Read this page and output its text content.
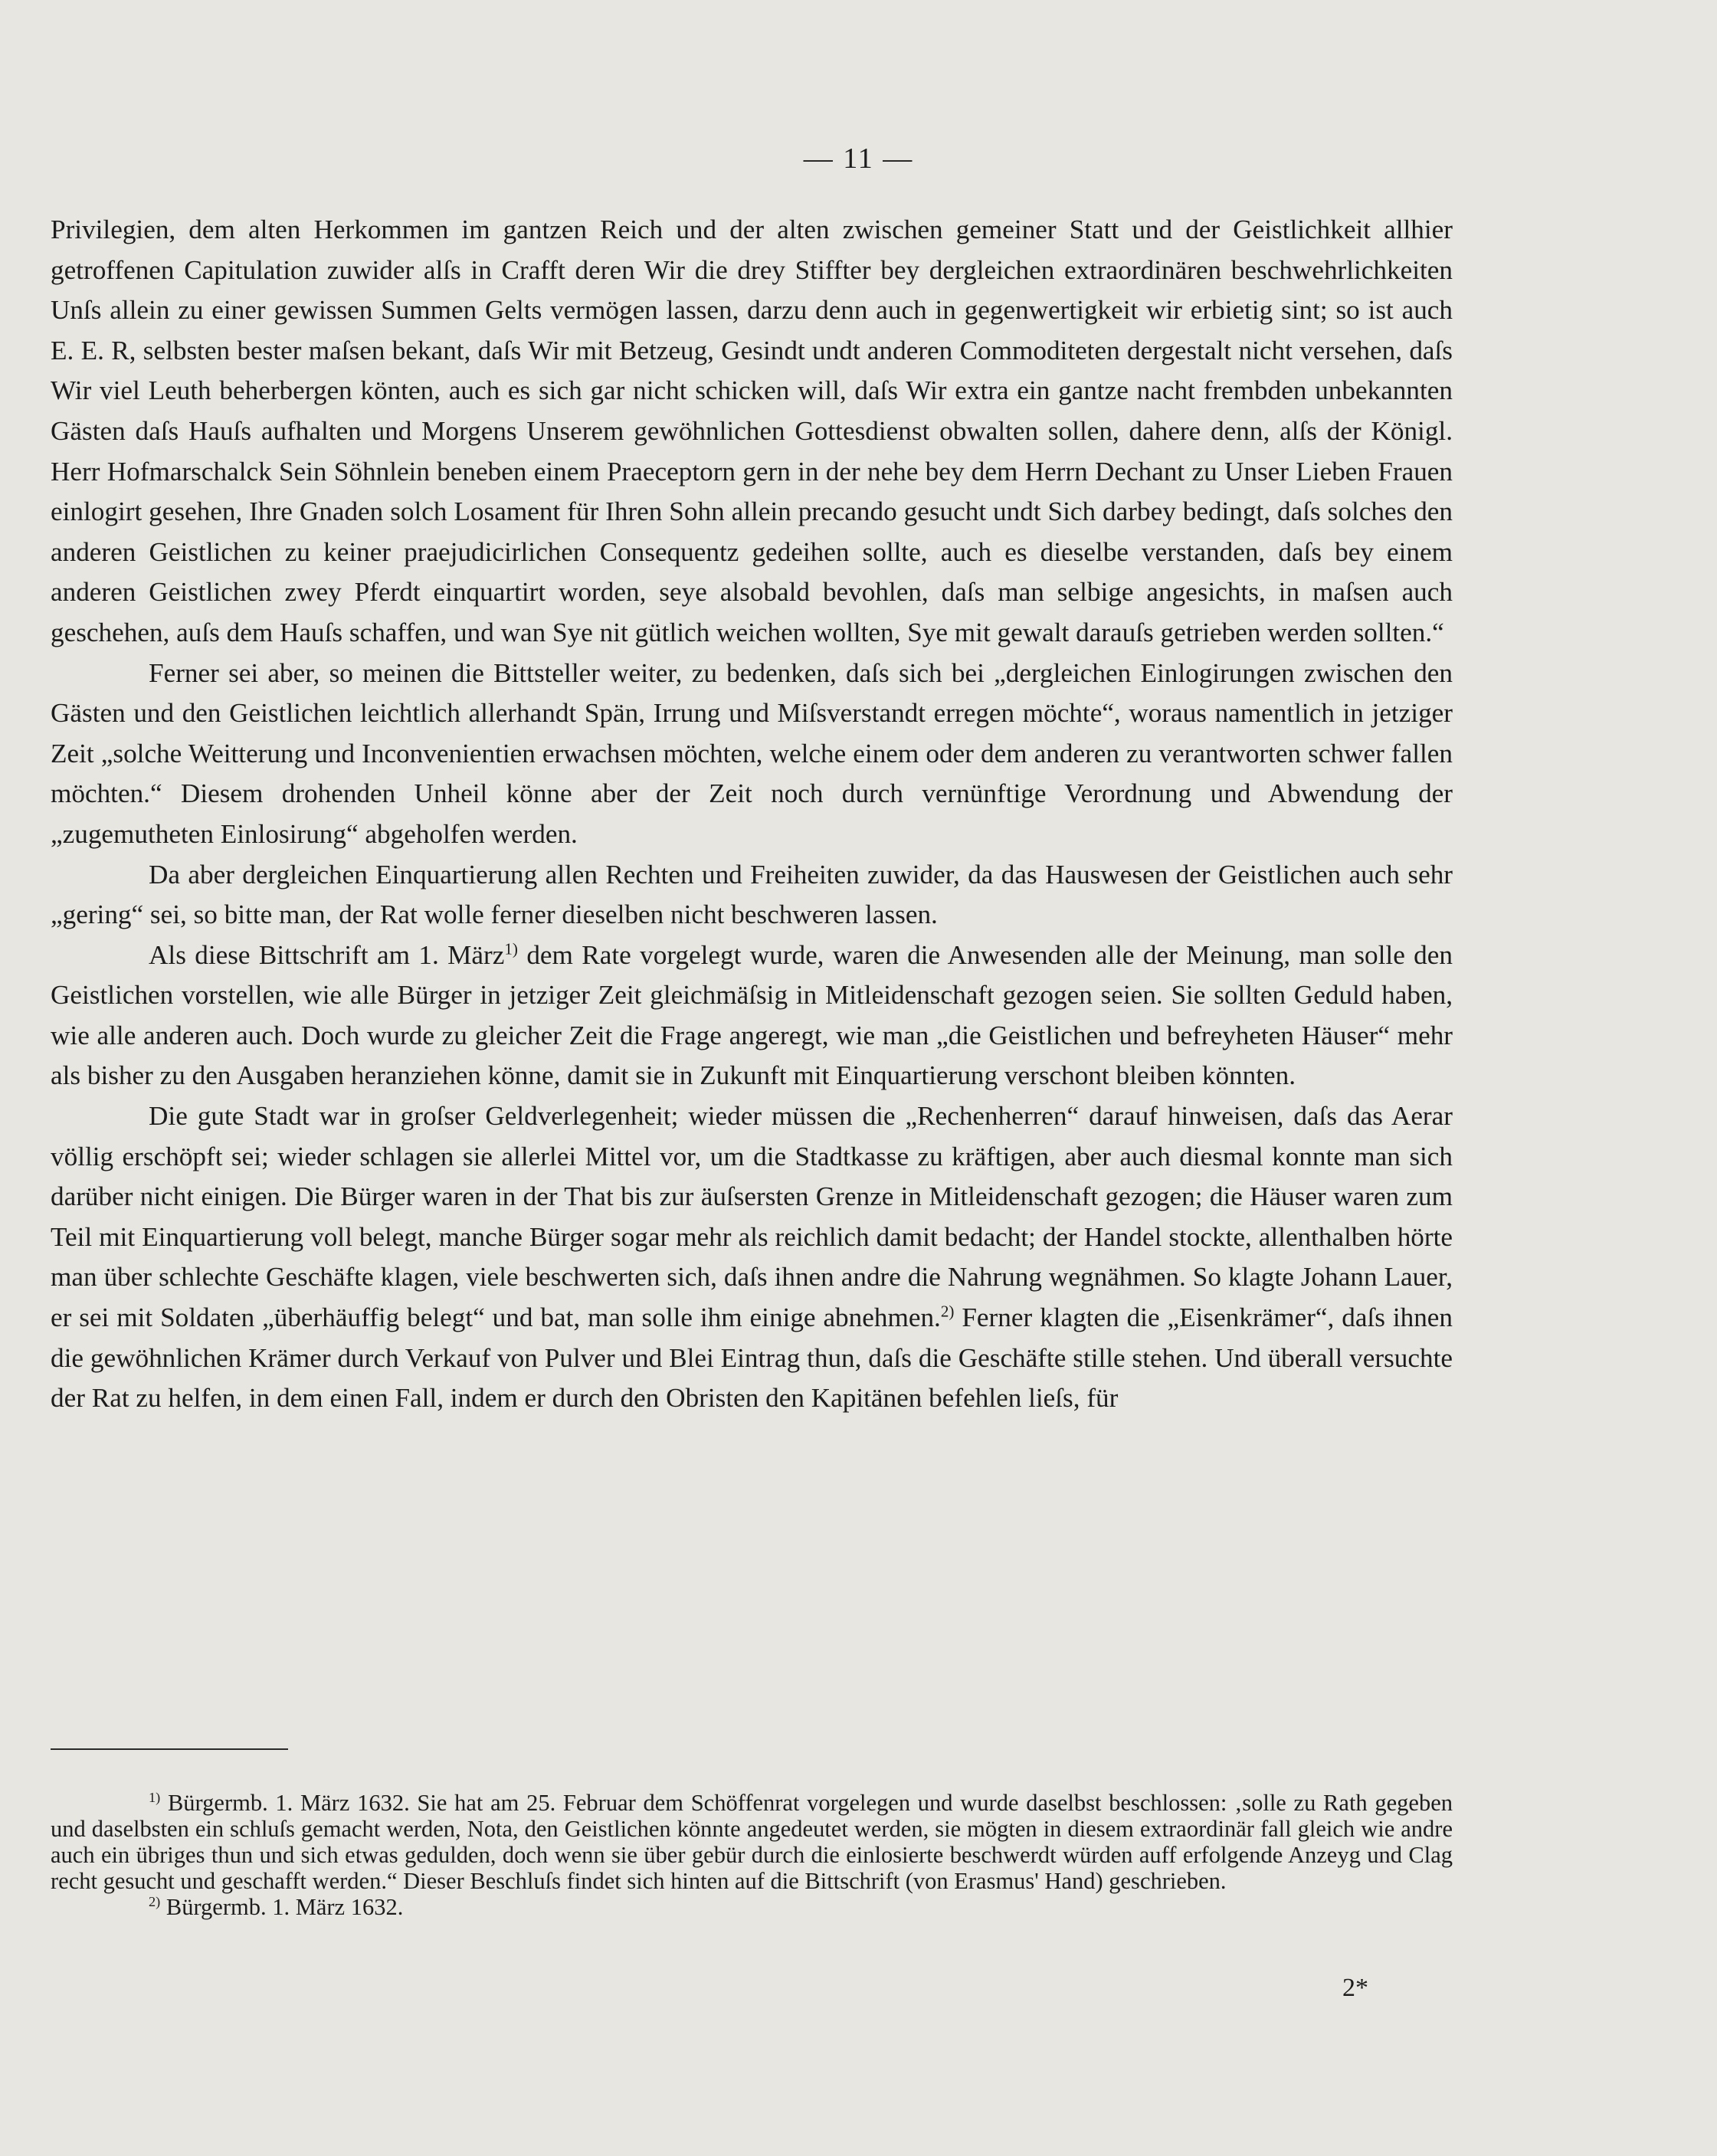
— 11 —

Privilegien, dem alten Herkommen im gantzen Reich und der alten zwischen gemeiner Statt und der Geistlichkeit allhier getroffenen Capitulation zuwider alſs in Crafft deren Wir die drey Stiffter bey dergleichen extraordinären beschwehrlichkeiten Unſs allein zu einer gewissen Summen Gelts vermögen lassen, darzu denn auch in gegenwertigkeit wir erbietig sint; so ist auch E. E. R, selbsten bester maſsen bekant, daſs Wir mit Betzeug, Gesindt undt anderen Commoditeten dergestalt nicht versehen, daſs Wir viel Leuth beherbergen könten, auch es sich gar nicht schicken will, daſs Wir extra ein gantze nacht frembden unbekannten Gästen daſs Hauſs aufhalten und Morgens Unserem gewöhnlichen Gottesdienst obwalten sollen, dahere denn, alſs der Königl. Herr Hofmarschalck Sein Söhnlein beneben einem Praeceptorn gern in der nehe bey dem Herrn Dechant zu Unser Lieben Frauen einlogirt gesehen, Ihre Gnaden solch Losament für Ihren Sohn allein precando gesucht undt Sich darbey bedingt, daſs solches den anderen Geistlichen zu keiner praejudicirlichen Consequentz gedeihen sollte, auch es dieselbe verstanden, daſs bey einem anderen Geistlichen zwey Pferdt einquartirt worden, seye alsobald bevohlen, daſs man selbige angesichts, in maſsen auch geschehen, auſs dem Hauſs schaffen, und wan Sye nit gütlich weichen wollten, Sye mit gewalt darauſs getrieben werden sollten.“

Ferner sei aber, so meinen die Bittsteller weiter, zu bedenken, daſs sich bei „dergleichen Einlogirungen zwischen den Gästen und den Geistlichen leichtlich allerhandt Spän, Irrung und Miſsverstandt erregen möchte“, woraus namentlich in jetziger Zeit „solche Weitterung und Inconvenientien erwachsen möchten, welche einem oder dem anderen zu verantworten schwer fallen möchten.“ Diesem drohenden Unheil könne aber der Zeit noch durch vernünftige Verordnung und Abwendung der „zugemutheten Einlosirung“ abgeholfen werden.

Da aber dergleichen Einquartierung allen Rechten und Freiheiten zuwider, da das Hauswesen der Geistlichen auch sehr „gering“ sei, so bitte man, der Rat wolle ferner dieselben nicht beschweren lassen.

Als diese Bittschrift am 1. März$^{1)}$ dem Rate vorgelegt wurde, waren die Anwesenden alle der Meinung, man solle den Geistlichen vorstellen, wie alle Bürger in jetziger Zeit gleichmäſsig in Mitleidenschaft gezogen seien. Sie sollten Geduld haben, wie alle anderen auch. Doch wurde zu gleicher Zeit die Frage angeregt, wie man „die Geistlichen und befreyheten Häuser“ mehr als bisher zu den Ausgaben heranziehen könne, damit sie in Zukunft mit Einquartierung verschont bleiben könnten.

Die gute Stadt war in groſser Geldverlegenheit; wieder müssen die „Rechenherren“ darauf hinweisen, daſs das Aerar völlig erschöpft sei; wieder schlagen sie allerlei Mittel vor, um die Stadtkasse zu kräftigen, aber auch diesmal konnte man sich darüber nicht einigen. Die Bürger waren in der That bis zur äuſsersten Grenze in Mitleidenschaft gezogen; die Häuser waren zum Teil mit Einquartierung voll belegt, manche Bürger sogar mehr als reichlich damit bedacht; der Handel stockte, allenthalben hörte man über schlechte Geschäfte klagen, viele beschwerten sich, daſs ihnen andre die Nahrung wegnähmen. So klagte Johann Lauer, er sei mit Soldaten „überhäuffig belegt“ und bat, man solle ihm einige abnehmen.$^{2)}$ Ferner klagten die „Eisenkrämer“, daſs ihnen die gewöhnlichen Krämer durch Verkauf von Pulver und Blei Eintrag thun, daſs die Geschäfte stille stehen. Und überall versuchte der Rat zu helfen, in dem einen Fall, indem er durch den Obristen den Kapitänen befehlen lieſs, für

$^{1)}$ Bürgermb. 1. März 1632. Sie hat am 25. Februar dem Schöffenrat vorgelegen und wurde daselbst beschlossen: ‚solle zu Rath gegeben und daselbsten ein schluſs gemacht werden, Nota, den Geistlichen könnte angedeutet werden, sie mögten in diesem extraordinär fall gleich wie andre auch ein übriges thun und sich etwas gedulden, doch wenn sie über gebür durch die einlosierte beschwerdt würden auff erfolgende Anzeyg und Clag recht gesucht und geschafft werden.“ Dieser Beschluſs findet sich hinten auf die Bittschrift (von Erasmus' Hand) geschrieben.

$^{2)}$ Bürgermb. 1. März 1632.

2*
